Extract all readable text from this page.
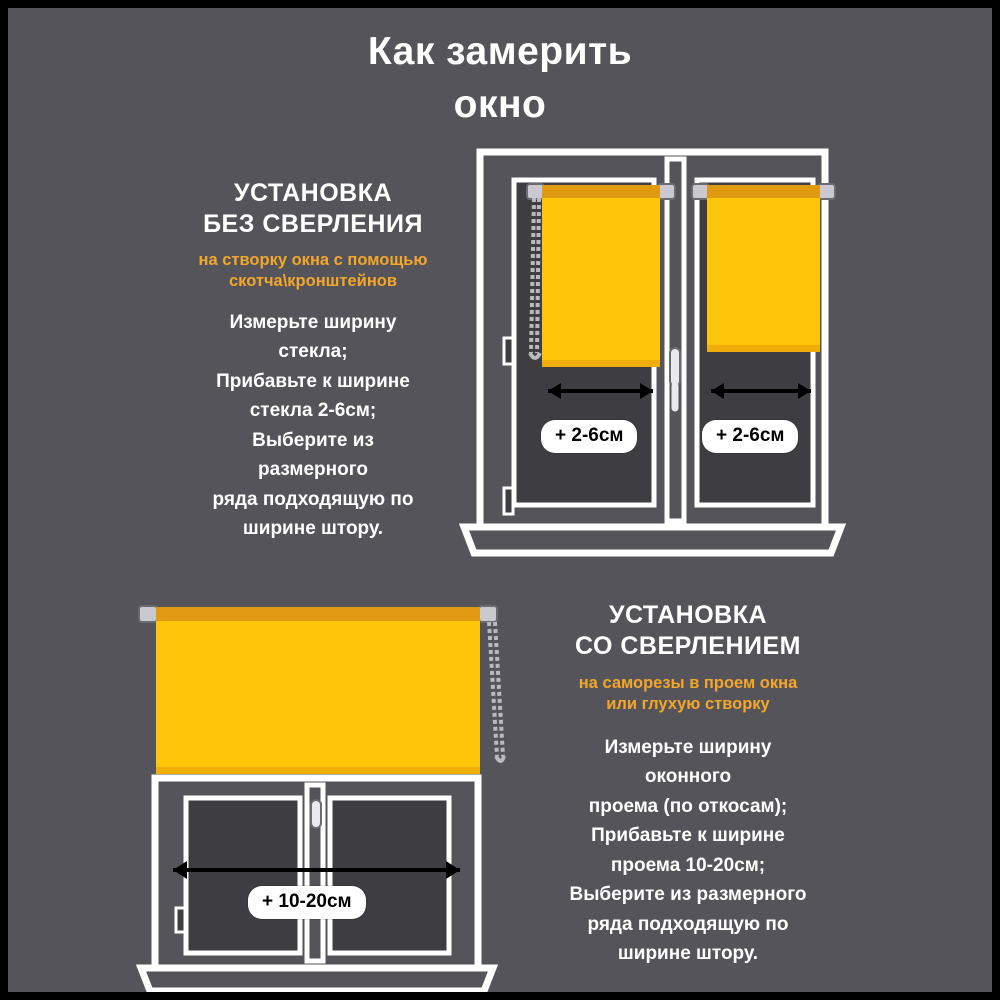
Как замерить
окно
+ 2-6см	+ 2-6см
+ 10-20см
УСТАНОВКА
БЕЗ СВЕРЛЕНИЯ
на створку окна с помощью
скотча\кронштейнов
Измерьте ширину
стекла;
Прибавьте к ширине
стекла 2-6см;
Выберите из
размерного
ряда подходящую по
ширине штору.
УСТАНОВКА
СО СВЕРЛЕНИЕМ
на саморезы в проем окна
или глухую створку
Измерьте ширину
оконного
проема (по откосам);
Прибавьте к ширине
проема 10-20см;
Выберите из размерного
ряда подходящую по
ширине штору.
